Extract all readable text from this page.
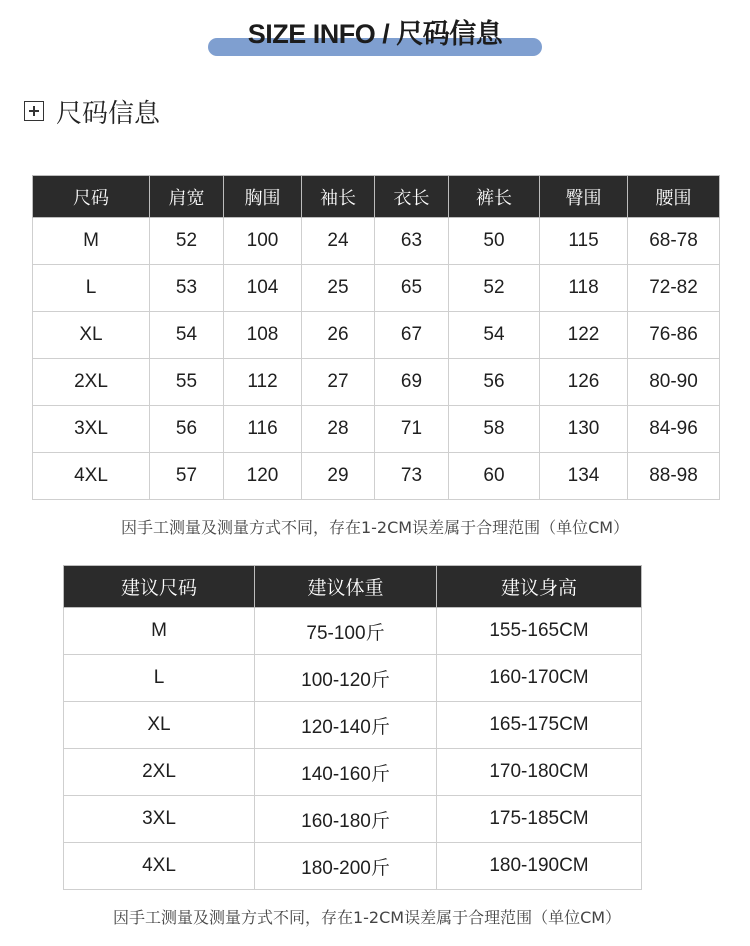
SIZE INFO / 尺码信息
尺码信息
尺码	肩宽	胸围	袖长	衣长	裤长	臀围	腰围
M	52	100	24	63	50	115	68-78
L	53	104	25	65	52	118	72-82
XL	54	108	26	67	54	122	76-86
2XL	55	112	27	69	56	126	80-90
3XL	56	116	28	71	58	130	84-96
4XL	57	120	29	73	60	134	88-98
因手工测量及测量方式不同，存在1-2CM误差属于合理范围（单位CM）
建议尺码	建议体重	建议身高
M	75-100斤	155-165CM
L	100-120斤	160-170CM
XL	120-140斤	165-175CM
2XL	140-160斤	170-180CM
3XL	160-180斤	175-185CM
4XL	180-200斤	180-190CM
因手工测量及测量方式不同，存在1-2CM误差属于合理范围（单位CM）
